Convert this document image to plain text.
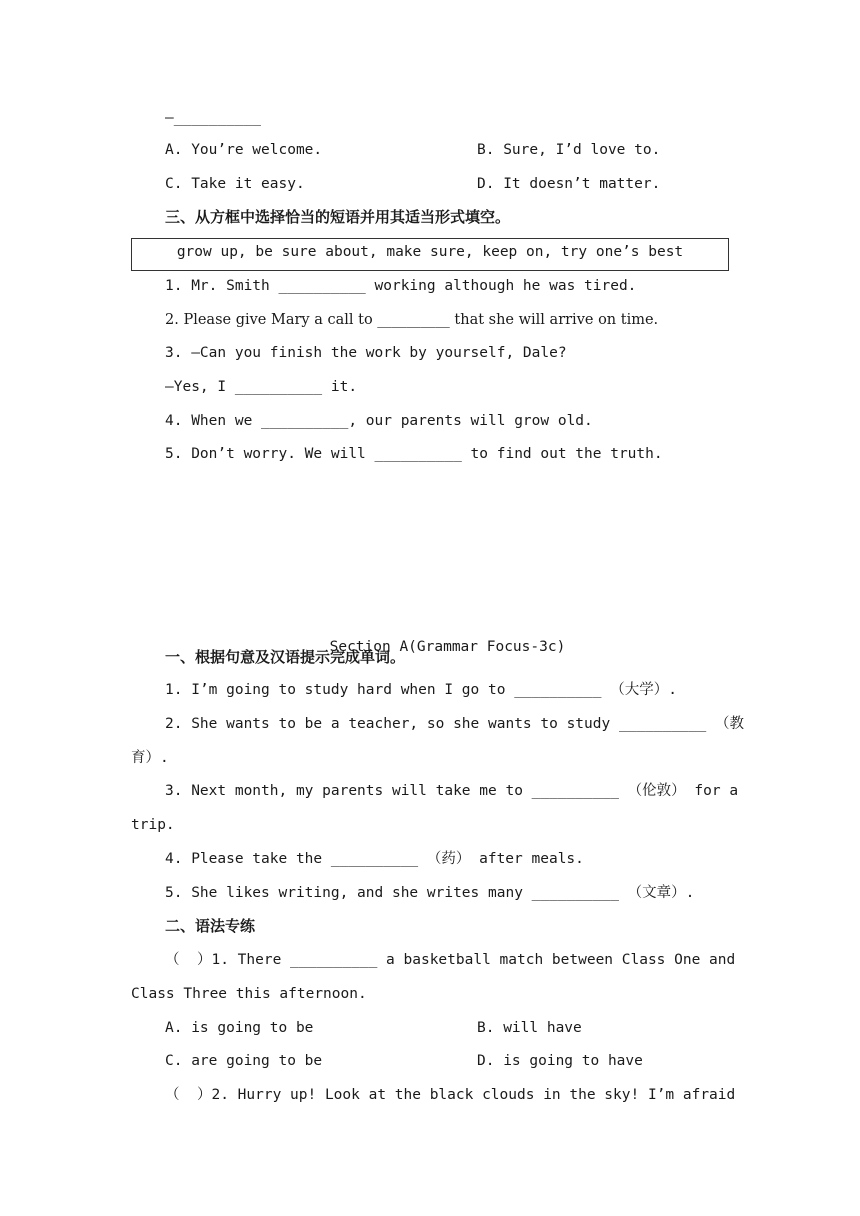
—__________

A. You’re welcome.

	B. Sure, I’d love to.

C. Take it easy.

	D. It doesn’t matter.

三、从方框中选择恰当的短语并用其适当形式填空。

grow up, be sure about, make sure, keep on, try one’s best

1. Mr. Smith __________ working although he was tired.

2. Please give Mary a call to __________ that she will arrive on time.

3. —Can you finish the work by yourself, Dale?

—Yes, I __________ it.

4. When we __________, our parents will grow old.

5. Don’t worry. We will __________ to find out the truth.

Section A(Grammar Focus-3c)

一、根据句意及汉语提示完成单词。

1. I’m going to study hard when I go to __________ （大学）.

2. She wants to be a teacher, so she wants to study __________ （教

育）.

3. Next month, my parents will take me to __________ （伦敦） for a

trip.

4. Please take the __________ （药） after meals.

5. She likes writing, and she writes many __________ （文章）.

二、语法专练

（  ）1. There __________ a basketball match between Class One and

Class Three this afternoon.

A. is going to be

	B. will have

C. are going to be

	D. is going to have

（  ）2. Hurry up! Look at the black clouds in the sky! I’m afraid
